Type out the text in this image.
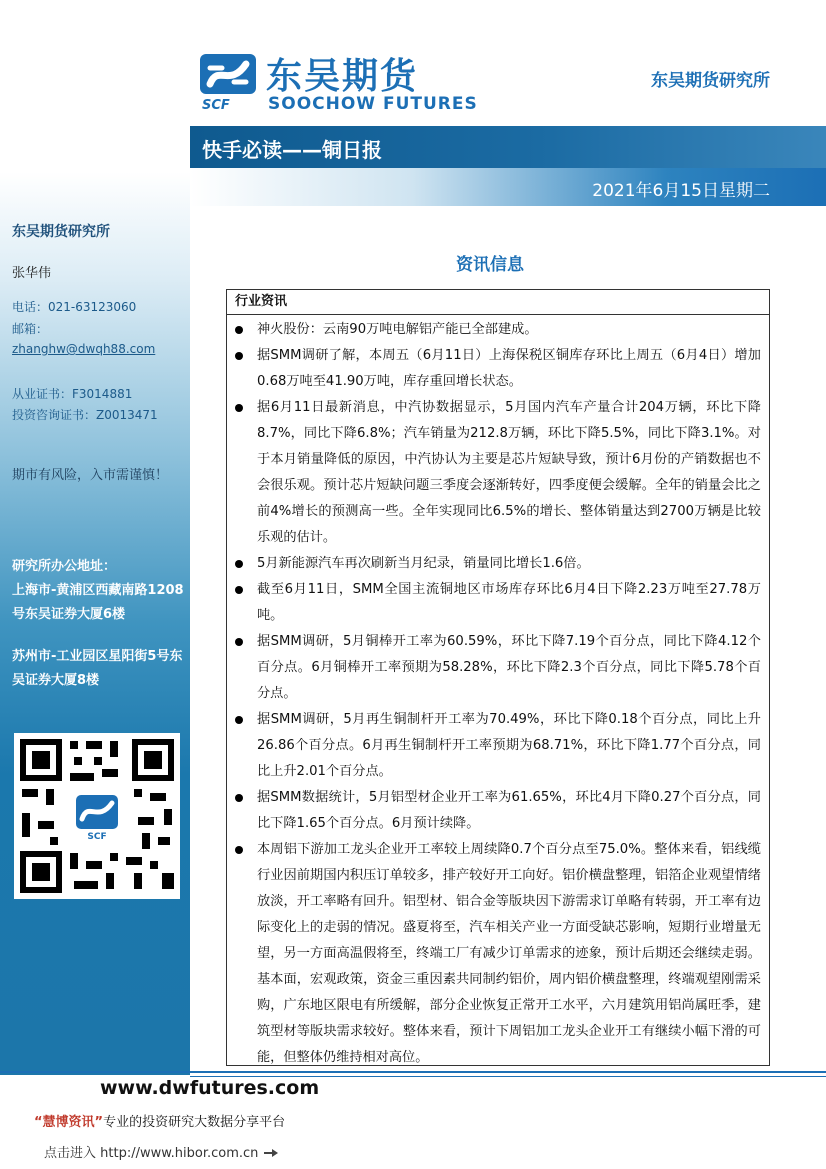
SCF
东吴期货
SOOCHOW FUTURES
东吴期货研究所
快手必读——铜日报
2021年6月15日星期二
东吴期货研究所
张华伟
电话：021-63123060
邮箱：
zhanghw@dwqh88.com
从业证书：F3014881
投资咨询证书：Z0013471
期市有风险，入市需谨慎！
研究所办公地址：
上海市-黄浦区西藏南路1208号东吴证券大厦6楼
苏州市-工业园区星阳街5号东吴证券大厦8楼
SCF
资讯信息
行业资讯
神火股份：云南90万吨电解铝产能已全部建成。
据SMM调研了解，本周五（6月11日）上海保税区铜库存环比上周五（6月4日）增加0.68万吨至41.90万吨，库存重回增长状态。
据6月11日最新消息，中汽协数据显示，5月国内汽车产量合计204万辆，环比下降8.7%，同比下降6.8%；汽车销量为212.8万辆，环比下降5.5%，同比下降3.1%。对于本月销量降低的原因，中汽协认为主要是芯片短缺导致，预计6月份的产销数据也不会很乐观。预计芯片短缺问题三季度会逐渐转好，四季度便会缓解。全年的销量会比之前4%增长的预测高一些。全年实现同比6.5%的增长、整体销量达到2700万辆是比较乐观的估计。
5月新能源汽车再次刷新当月纪录，销量同比增长1.6倍。
截至6月11日，SMM全国主流铜地区市场库存环比6月4日下降2.23万吨至27.78万吨。
据SMM调研，5月铜棒开工率为60.59%，环比下降7.19个百分点，同比下降4.12个百分点。6月铜棒开工率预期为58.28%，环比下降2.3个百分点，同比下降5.78个百分点。
据SMM调研，5月再生铜制杆开工率为70.49%，环比下降0.18个百分点，同比上升26.86个百分点。6月再生铜制杆开工率预期为68.71%，环比下降1.77个百分点，同比上升2.01个百分点。
据SMM数据统计，5月铝型材企业开工率为61.65%，环比4月下降0.27个百分点，同比下降1.65个百分点。6月预计续降。
本周铝下游加工龙头企业开工率较上周续降0.7个百分点至75.0%。整体来看，铝线缆行业因前期国内积压订单较多，排产较好开工向好。铝价横盘整理，铝箔企业观望情绪放淡，开工率略有回升。铝型材、铝合金等版块因下游需求订单略有转弱，开工率有边际变化上的走弱的情况。盛夏将至，汽车相关产业一方面受缺芯影响，短期行业增量无望，另一方面高温假将至，终端工厂有减少订单需求的迹象，预计后期还会继续走弱。基本面，宏观政策，资金三重因素共同制约铝价，周内铝价横盘整理，终端观望刚需采购，广东地区限电有所缓解，部分企业恢复正常开工水平，六月建筑用铝尚属旺季，建筑型材等版块需求较好。整体来看，预计下周铝加工龙头企业开工有继续小幅下滑的可能，但整体仍维持相对高位。
www.dwfutures.com
“慧博资讯”专业的投资研究大数据分享平台
点击进入 http://www.hibor.com.cn
